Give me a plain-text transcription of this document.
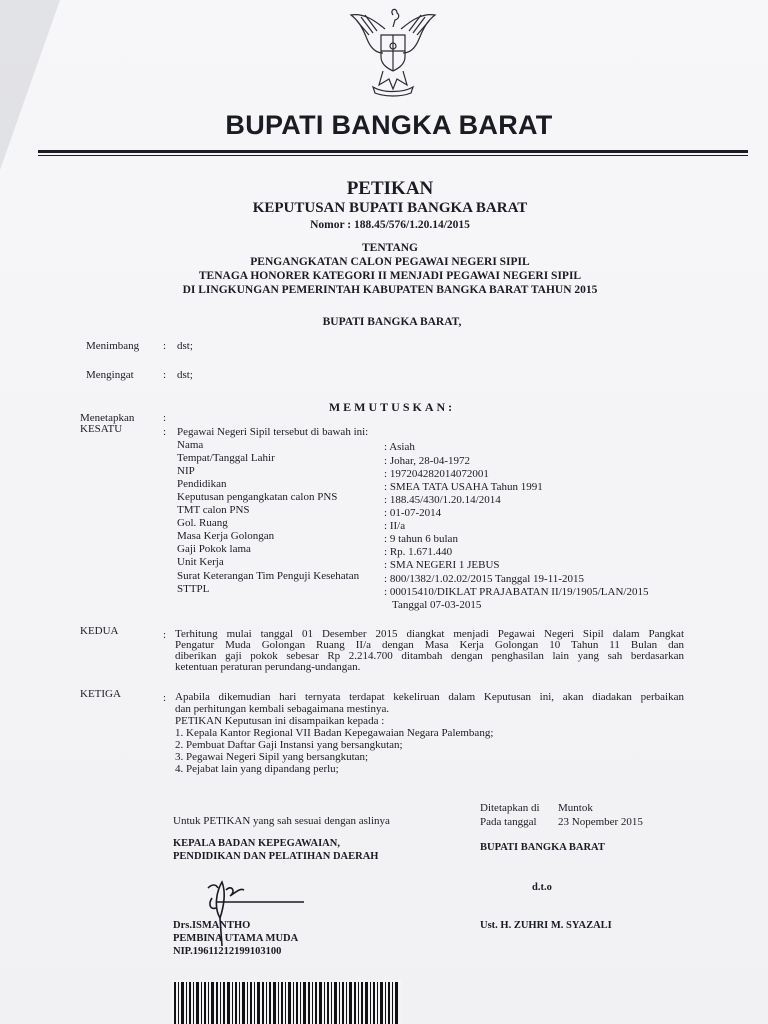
BUPATI BANGKA BARAT
PETIKAN
KEPUTUSAN BUPATI BANGKA BARAT
Nomor : 188.45/576/1.20.14/2015
TENTANG
PENGANGKATAN CALON PEGAWAI NEGERI SIPIL
TENAGA HONORER KATEGORI II MENJADI PEGAWAI NEGERI SIPIL
DI LINGKUNGAN PEMERINTAH KABUPATEN BANGKA BARAT TAHUN 2015
BUPATI BANGKA BARAT,
Menimbang : dst;
Mengingat	: dst;
MEMUTUSKAN:
Menetapkan	:
KESATU	: Pegawai Negeri Sipil tersebut di bawah ini:
Nama	: Asiah
Tempat/Tanggal Lahir	: Johar, 28-04-1972
NIP	: 197204282014072001
Pendidikan	: SMEA TATA USAHA Tahun 1991
Keputusan pengangkatan calon PNS	: 188.45/430/1.20.14/2014
TMT calon PNS	: 01-07-2014
Gol. Ruang	: II/a
Masa Kerja Golongan	: 9 tahun 6 bulan
Gaji Pokok lama	: Rp. 1.671.440
Unit Kerja	: SMA NEGERI 1 JEBUS
Surat Keterangan Tim Penguji Kesehatan : 800/1382/1.02.02/2015 Tanggal 19-11-2015
STTPL	: 00015410/DIKLAT PRAJABATAN II/19/1905/LAN/2015
Tanggal 07-03-2015
KEDUA	: Terhitung mulai tanggal 01 Desember 2015 diangkat menjadi Pegawai Negeri Sipil dalam Pangkat
Pengatur Muda Golongan Ruang II/a dengan Masa Kerja Golongan 10 Tahun 11 Bulan dan
diberikan gaji pokok sebesar Rp 2.214.700 ditambah dengan penghasilan lain yang sah berdasarkan
ketentuan peraturan perundang-undangan.
KETIGA	: Apabila dikemudian hari ternyata terdapat kekeliruan dalam Keputusan ini, akan diadakan perbaikan
dan perhitungan kembali sebagaimana mestinya.
PETIKAN Keputusan ini disampaikan kepada :
1. Kepala Kantor Regional VII Badan Kepegawaian Negara Palembang;
2. Pembuat Daftar Gaji Instansi yang bersangkutan;
3. Pegawai Negeri Sipil yang bersangkutan;
4. Pejabat lain yang dipandang perlu;
Untuk PETIKAN yang sah sesuai dengan aslinya
Ditetapkan di Muntok
Pada tanggal 23 Nopember 2015
KEPALA BADAN KEPEGAWAIAN,
PENDIDIKAN DAN PELATIHAN DAERAH
BUPATI BANGKA BARAT
d.t.o
Drs.ISMANTHO
PEMBINA UTAMA MUDA
NIP.19611212199103100
Ust. H. ZUHRI M. SYAZALI
